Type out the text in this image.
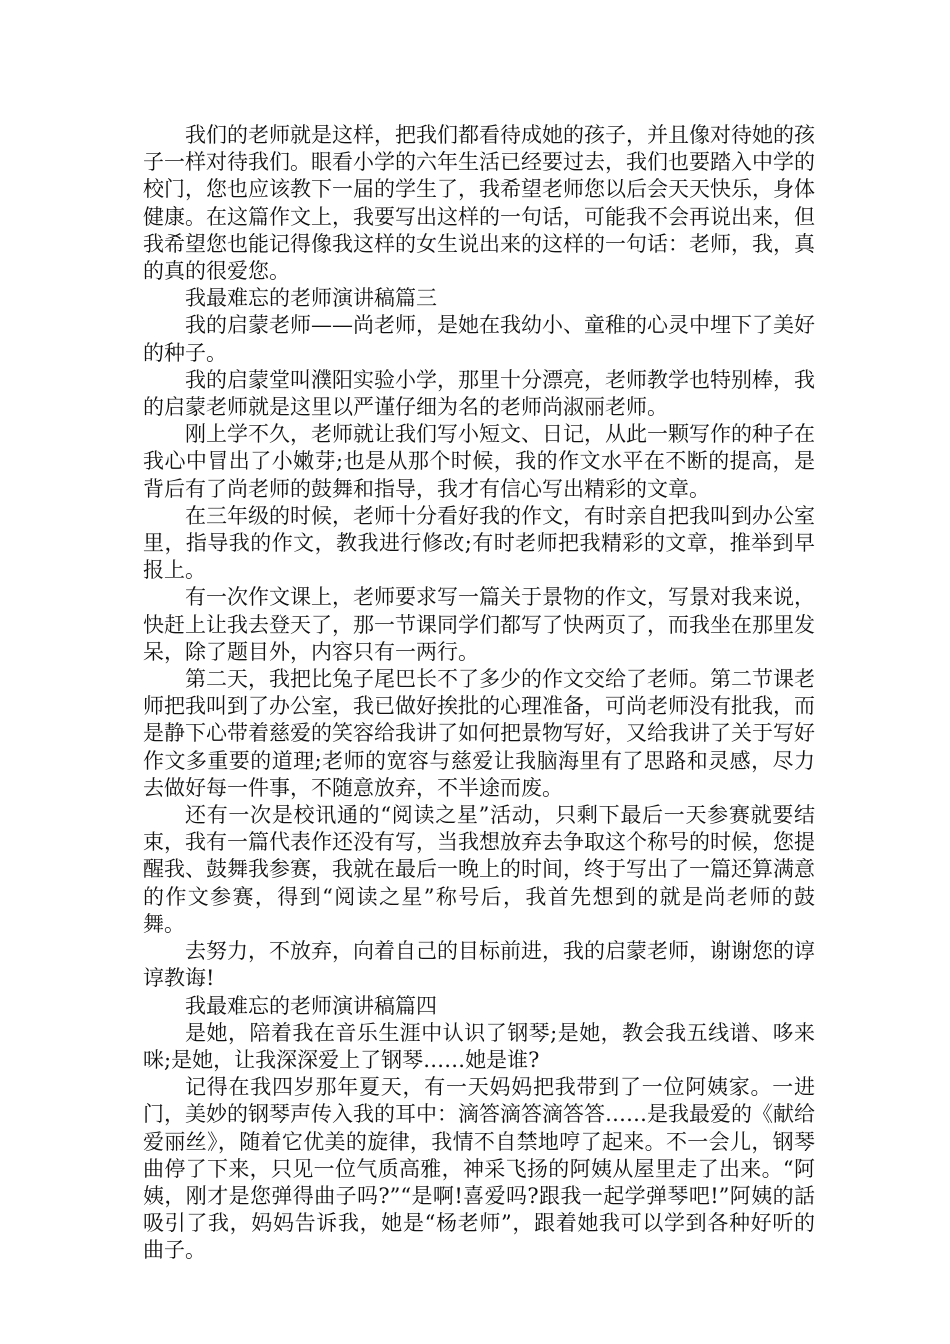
我们的老师就是这样，把我们都看待成她的孩子，并且像对待她的孩子一样对待我们。眼看小学的六年生活已经要过去，我们也要踏入中学的校门，您也应该教下一届的学生了，我希望老师您以后会天天快乐，身体健康。在这篇作文上，我要写出这样的一句话，可能我不会再说出来，但我希望您也能记得像我这样的女生说出来的这样的一句话：老师，我，真的真的很爱您。

我最难忘的老师演讲稿篇三

我的启蒙老师——尚老师，是她在我幼小、童稚的心灵中埋下了美好的种子。

我的启蒙堂叫濮阳实验小学，那里十分漂亮，老师教学也特别棒，我的启蒙老师就是这里以严谨仔细为名的老师尚淑丽老师。

刚上学不久，老师就让我们写小短文、日记，从此一颗写作的种子在我心中冒出了小嫩芽;也是从那个时候，我的作文水平在不断的提高，是背后有了尚老师的鼓舞和指导，我才有信心写出精彩的文章。

在三年级的时候，老师十分看好我的作文，有时亲自把我叫到办公室里，指导我的作文，教我进行修改;有时老师把我精彩的文章，推举到早报上。

有一次作文课上，老师要求写一篇关于景物的作文，写景对我来说，快赶上让我去登天了，那一节课同学们都写了快两页了，而我坐在那里发呆，除了题目外，内容只有一两行。

第二天，我把比兔子尾巴长不了多少的作文交给了老师。第二节课老师把我叫到了办公室，我已做好挨批的心理准备，可尚老师没有批我，而是静下心带着慈爱的笑容给我讲了如何把景物写好，又给我讲了关于写好作文多重要的道理;老师的宽容与慈爱让我脑海里有了思路和灵感，尽力去做好每一件事，不随意放弃，不半途而废。

还有一次是校讯通的“阅读之星”活动，只剩下最后一天参赛就要结束，我有一篇代表作还没有写，当我想放弃去争取这个称号的时候，您提醒我、鼓舞我参赛，我就在最后一晚上的时间，终于写出了一篇还算满意的作文参赛，得到“阅读之星”称号后，我首先想到的就是尚老师的鼓舞。

去努力，不放弃，向着自己的目标前进，我的启蒙老师，谢谢您的谆谆教诲!

我最难忘的老师演讲稿篇四

是她，陪着我在音乐生涯中认识了钢琴;是她，教会我五线谱、哆来咪;是她，让我深深爱上了钢琴……她是谁?

记得在我四岁那年夏天，有一天妈妈把我带到了一位阿姨家。一进门，美妙的钢琴声传入我的耳中：滴答滴答滴答答……是我最爱的《献给爱丽丝》，随着它优美的旋律，我情不自禁地哼了起来。不一会儿，钢琴曲停了下来，只见一位气质高雅，神采飞扬的阿姨从屋里走了出来。“阿姨，刚才是您弹得曲子吗?”“是啊!喜爱吗?跟我一起学弹琴吧!”阿姨的話吸引了我，妈妈告诉我，她是“杨老师”，跟着她我可以学到各种好听的曲子。
